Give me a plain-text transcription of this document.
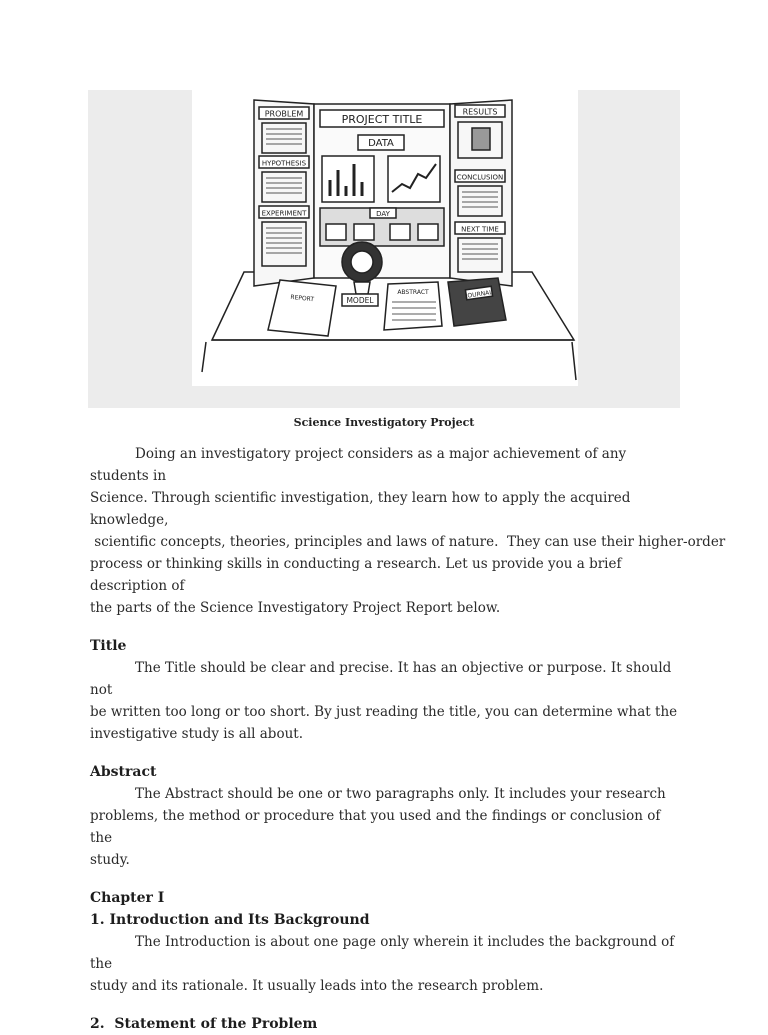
PROBLEM
HYPOTHESIS
EXPERIMENT
PROJECT TITLE
DATA
DAY
RESULTS
CONCLUSION
NEXT TIME
MODEL
REPORT
ABSTRACT	JOURNAL
Science Investigatory Project

Doing an investigatory project considers as a major achievement of any students in

Science. Through scientific investigation, they learn how to apply the acquired knowledge,

scientific concepts, theories, principles and laws of nature.  They can use their higher-order

process or thinking skills in conducting a research. Let us provide you a brief description of

the parts of the Science Investigatory Project Report below.

Title

The Title should be clear and precise. It has an objective or purpose. It should not

be written too long or too short. By just reading the title, you can determine what the

investigative study is all about.

Abstract

The Abstract should be one or two paragraphs only. It includes your research

problems, the method or procedure that you used and the findings or conclusion of the

study.

Chapter I
1. Introduction and Its Background

The Introduction is about one page only wherein it includes the background of the

study and its rationale. It usually leads into the research problem.

2.  Statement of the Problem
